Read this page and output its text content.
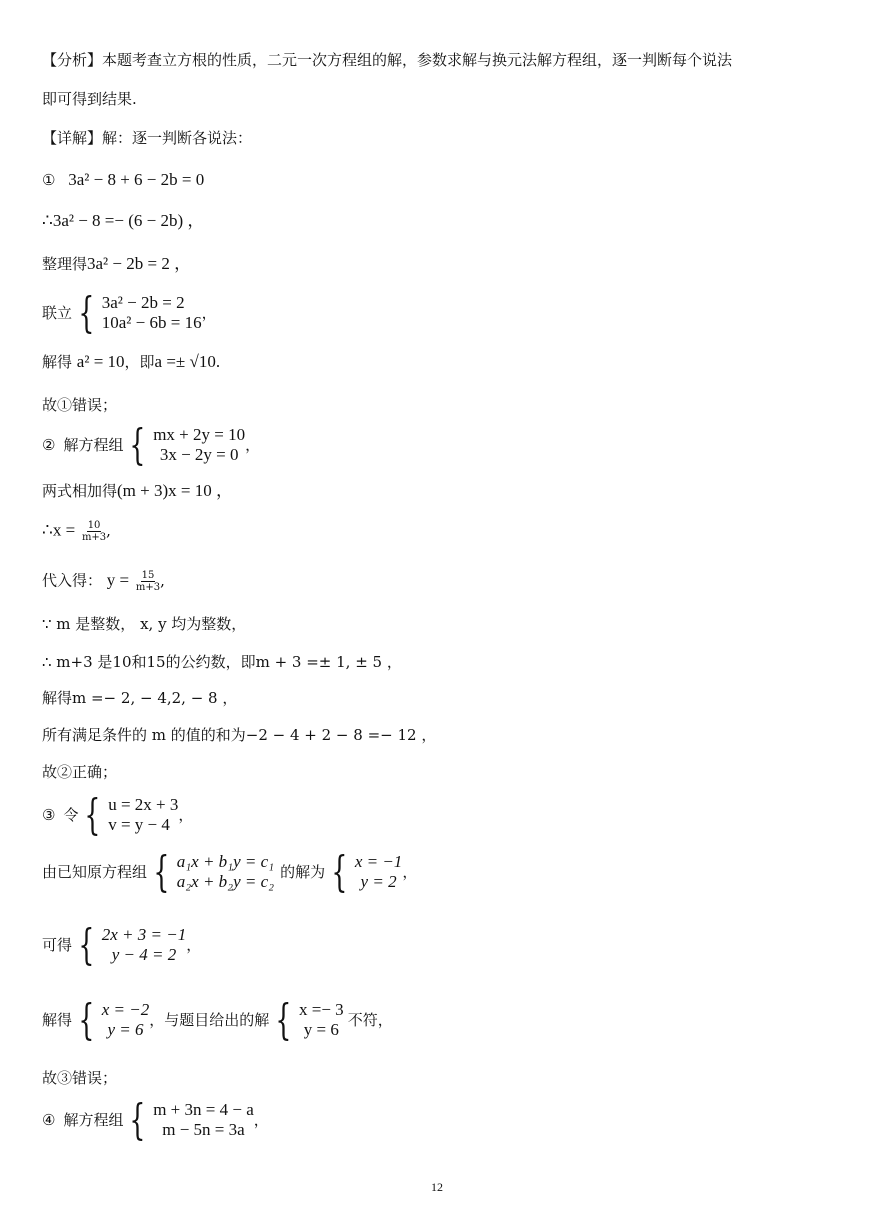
【分析】本题考查立方根的性质，二元一次方程组的解，参数求解与换元法解方程组，逐一判断每个说法
即可得到结果.
【详解】解：逐一判断各说法：
① 3a² − 8 + 6 − 2b = 0
∴3a² − 8 =− (6 − 2b) ，
整理得3a² − 2b = 2 ，
联立 { 3a² − 2b = 2
10a² − 6b = 16 ，
解得 a² = 10，即a =± √10.
故①错误；
② 解方程组 { mx + 2y = 10
3x − 2y = 0 ，
两式相加得(m + 3)x = 10 ，
∴x = $\frac{10}{m+3}$ ,
代入得： $y = \frac{15}{m+3}$ ,
∵ m 是整数， x, y 均为整数，
∴ m+3 是10和15的公约数，即m + 3 =± 1, ± 5 ，
解得m =− 2, − 4,2, − 8 ，
所有满足条件的 m 的值的和为−2 − 4 + 2 − 8 =− 12 ，
故②正确；
③ 令 { u = 2x + 3
v = y − 4 ，
由已知原方程组 { a₁x + b₁y = c₁
a₂x + b₂y = c₂ 的解为 { x = −1
y = 2 ，
可得 { 2x + 3 = −1
y − 4 = 2 ，
解得 { x = −2
y = 6 ，与题目给出的解 { x =− 3
y = 6 不符，
故③错误；
④ 解方程组 { m + 3n = 4 − a
m − 5n = 3a ，
12
